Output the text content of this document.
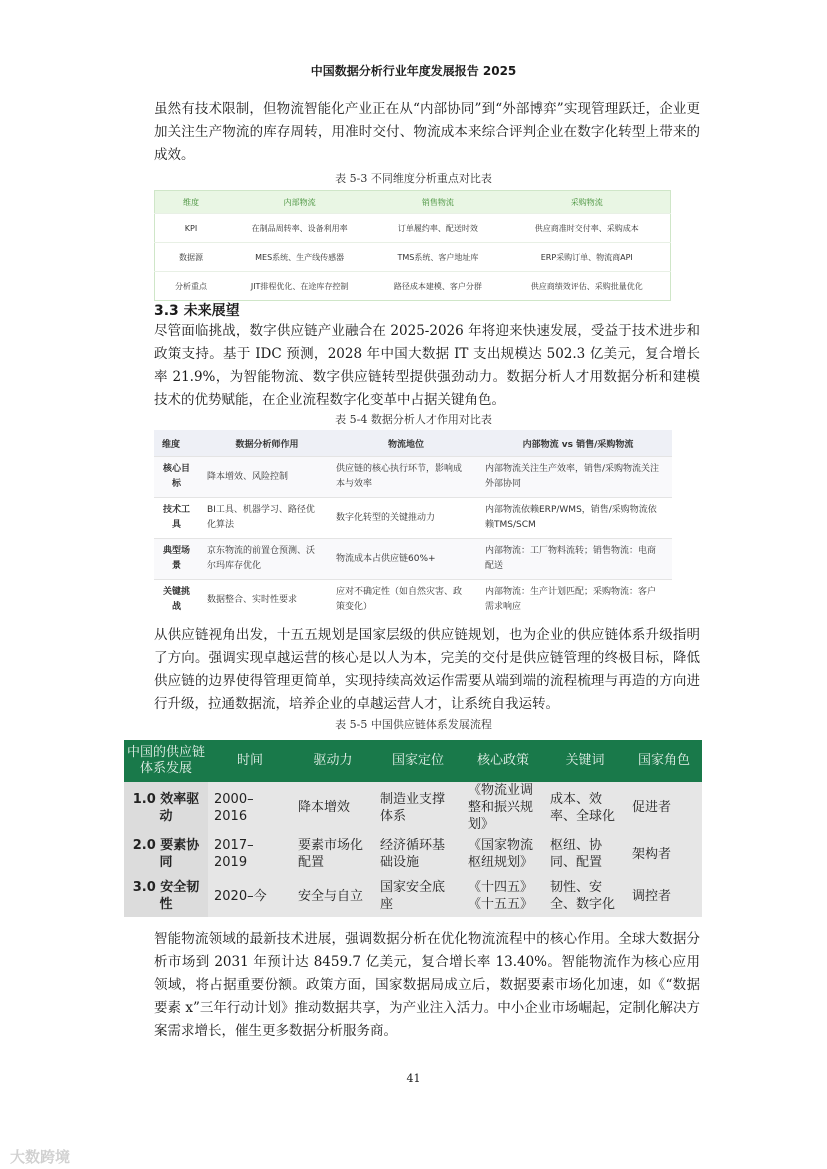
中国数据分析行业年度发展报告 2025

虽然有技术限制，但物流智能化产业正在从“内部协同”到“外部博弈”实现管理跃迁，企业更加关注生产物流的库存周转，用准时交付、物流成本来综合评判企业在数字化转型上带来的成效。

表 5-3 不同维度分析重点对比表
维度	内部物流	销售物流	采购物流
KPI	在制品周转率、设备利用率	订单履约率、配送时效	供应商准时交付率、采购成本
数据源	MES系统、生产线传感器	TMS系统、客户地址库	ERP采购订单、物流商API
分析重点	JIT排程优化、在途库存控制	路径成本建模、客户分群	供应商绩效评估、采购批量优化
3.3 未来展望

尽管面临挑战，数字供应链产业融合在 2025-2026 年将迎来快速发展，受益于技术进步和政策支持。基于 IDC 预测，2028 年中国大数据 IT 支出规模达 502.3 亿美元，复合增长率 21.9%，为智能物流、数字供应链转型提供强劲动力。数据分析人才用数据分析和建模技术的优势赋能，在企业流程数字化变革中占据关键角色。

表 5-4 数据分析人才作用对比表
维度	数据分析师作用	物流地位	内部物流 vs 销售/采购物流
核心目标	降本增效、风险控制	供应链的核心执行环节，影响成本与效率	内部物流关注生产效率，销售/采购物流关注外部协同
技术工具	BI工具、机器学习、路径优化算法	数字化转型的关键推动力	内部物流依赖ERP/WMS，销售/采购物流依赖TMS/SCM
典型场景	京东物流的前置仓预测、沃尔玛库存优化	物流成本占供应链60%+	内部物流：工厂物料流转；销售物流：电商配送
关键挑战	数据整合、实时性要求	应对不确定性（如自然灾害、政策变化）	内部物流：生产计划匹配；采购物流：客户需求响应

从供应链视角出发，十五五规划是国家层级的供应链规划，也为企业的供应链体系升级指明了方向。强调实现卓越运营的核心是以人为本，完美的交付是供应链管理的终极目标，降低供应链的边界使得管理更简单，实现持续高效运作需要从端到端的流程梳理与再造的方向进行升级，拉通数据流，培养企业的卓越运营人才，让系统自我运转。

表 5-5 中国供应链体系发展流程
中国的供应链体系发展	时间	驱动力	国家定位	核心政策	关键词	国家角色
1.0 效率驱动	2000–2016	降本增效	制造业支撑体系	《物流业调整和振兴规划》	成本、效率、全球化	促进者
2.0 要素协同	2017–2019	要素市场化配置	经济循环基础设施	《国家物流枢纽规划》	枢纽、协同、配置	架构者
3.0 安全韧性	2020–今	安全与自立	国家安全底座	《十四五》《十五五》	韧性、安全、数字化	调控者

智能物流领域的最新技术进展，强调数据分析在优化物流流程中的核心作用。全球大数据分析市场到 2031 年预计达 8459.7 亿美元，复合增长率 13.40%。智能物流作为核心应用领域，将占据重要份额。政策方面，国家数据局成立后，数据要素市场化加速，如《“数据要素 x”三年行动计划》推动数据共享，为产业注入活力。中小企业市场崛起，定制化解决方案需求增长，催生更多数据分析服务商。

41
大数跨境
